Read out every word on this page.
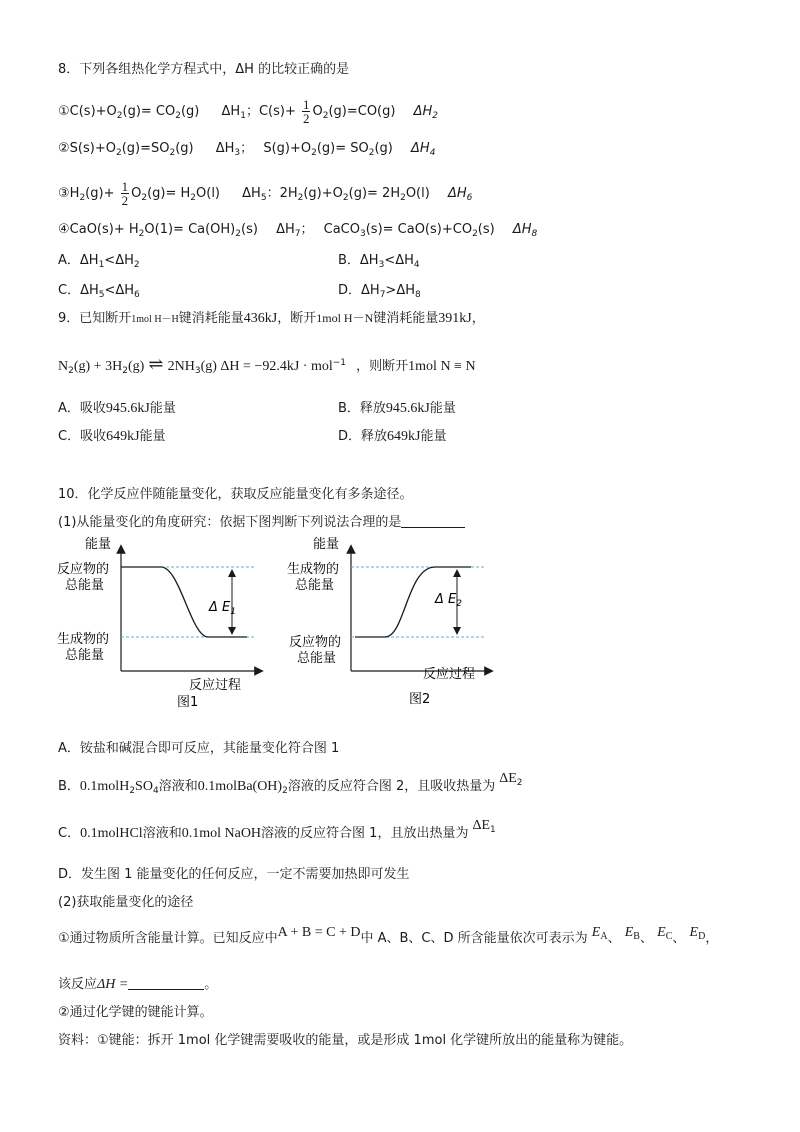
8．下列各组热化学方程式中，ΔH 的比较正确的是
$①C(s)+O_2(g)= CO_2(g)$ $\Delta H_1$；$C(s)+ \frac{1}{2} O_2(g)=CO(g)$ $\Delta H_2$
$②S(s)+O_2(g)=SO_2(g)$ $\Delta H_3$； $S(g)+O_2(g)= SO_2(g)$ $\Delta H_4$
$③H_2(g)+ \frac{1}{2} O_2(g)= H_2O(l)$ $\Delta H_5$：$2H_2(g)+O_2(g)= 2H_2O(l)$ $\Delta H_6$
④CaO(s)+ $H_2O(1)= Ca(OH)_2(s)$ $\Delta H_7$； CaCO$_3$(s)= $CaO(s)+CO_2(s)$ $\Delta H_8$
A．$\Delta H_1<\Delta H_2$	B．$\Delta H_3<\Delta H_4$
C．$\Delta H_5<\Delta H_6$	D．$\Delta H_7>\Delta H_8$
9．已知断开1mol H－H键消耗能量436kJ，断开1mol H－N键消耗能量391kJ，
$N_2(g) + 3H_2(g)$ ⇌ $2NH_3(g) \Delta H = -92.4kJ \cdot mol^{-1}$ ，则断开1mol N ≡ N
A．吸收945.6kJ能量	B．释放945.6kJ能量
C．吸收649kJ能量	D．释放649kJ能量
10．化学反应伴随能量变化，获取反应能量变化有多条途径。
(1)从能量变化的角度研究：依据下图判断下列说法合理的是
能量
反应物的
总能量
生成物的
总能量
Δ $E_1$
反应过程
图1
能量
生成物的
总能量
反应物的
总能量
Δ $E_2$
反应过程
图2
A．铵盐和碱混合即可反应，其能量变化符合图 1
B．$0.1molH_2SO_4$溶液和$0.1molBa(OH)_2$溶液的反应符合图 2，且吸收热量为$\Delta E_2$
C．0.1molHCl溶液和0.1mol NaOH溶液的反应符合图 1，且放出热量为$\Delta E_1$
D．发生图 1 能量变化的任何反应，一定不需要加热即可发生
(2)获取能量变化的途径
①通过物质所含能量计算。已知反应中A + B = C + D中 A、B、C、D 所含能量依次可表示为 $E_A$、 $E_B$、 $E_C$、 $E_D$，
该反应ΔH =	。
②通过化学键的键能计算。
资料：①键能：拆开 1mol 化学键需要吸收的能量，或是形成 1mol 化学键所放出的能量称为键能。
